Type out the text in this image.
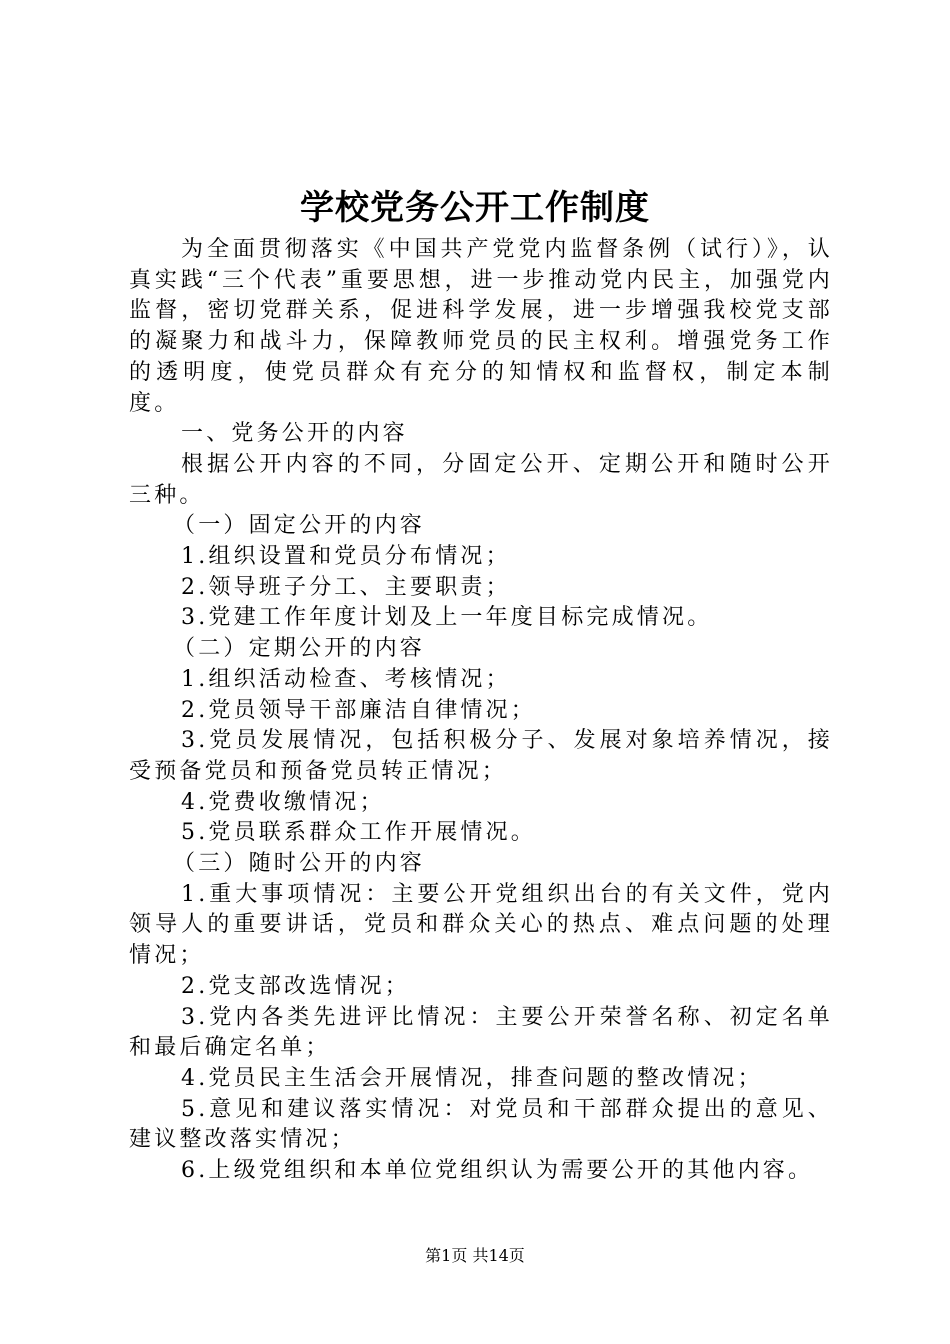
学校党务公开工作制度

为全面贯彻落实《中国共产党党内监督条例（试行）》，认真实践“三个代表”重要思想，进一步推动党内民主，加强党内监督，密切党群关系，促进科学发展，进一步增强我校党支部的凝聚力和战斗力，保障教师党员的民主权利。增强党务工作的透明度，使党员群众有充分的知情权和监督权，制定本制度。

一、党务公开的内容

根据公开内容的不同，分固定公开、定期公开和随时公开三种。

（一）固定公开的内容

1.组织设置和党员分布情况；

2.领导班子分工、主要职责；

3.党建工作年度计划及上一年度目标完成情况。

（二）定期公开的内容

1.组织活动检查、考核情况；

2.党员领导干部廉洁自律情况；

3.党员发展情况，包括积极分子、发展对象培养情况，接受预备党员和预备党员转正情况；

4.党费收缴情况；

5.党员联系群众工作开展情况。

（三）随时公开的内容

1.重大事项情况：主要公开党组织出台的有关文件，党内领导人的重要讲话，党员和群众关心的热点、难点问题的处理情况；

2.党支部改选情况；

3.党内各类先进评比情况：主要公开荣誉名称、初定名单和最后确定名单；

4.党员民主生活会开展情况，排查问题的整改情况；

5.意见和建议落实情况：对党员和干部群众提出的意见、建议整改落实情况；

6.上级党组织和本单位党组织认为需要公开的其他内容。

第1页 共14页
